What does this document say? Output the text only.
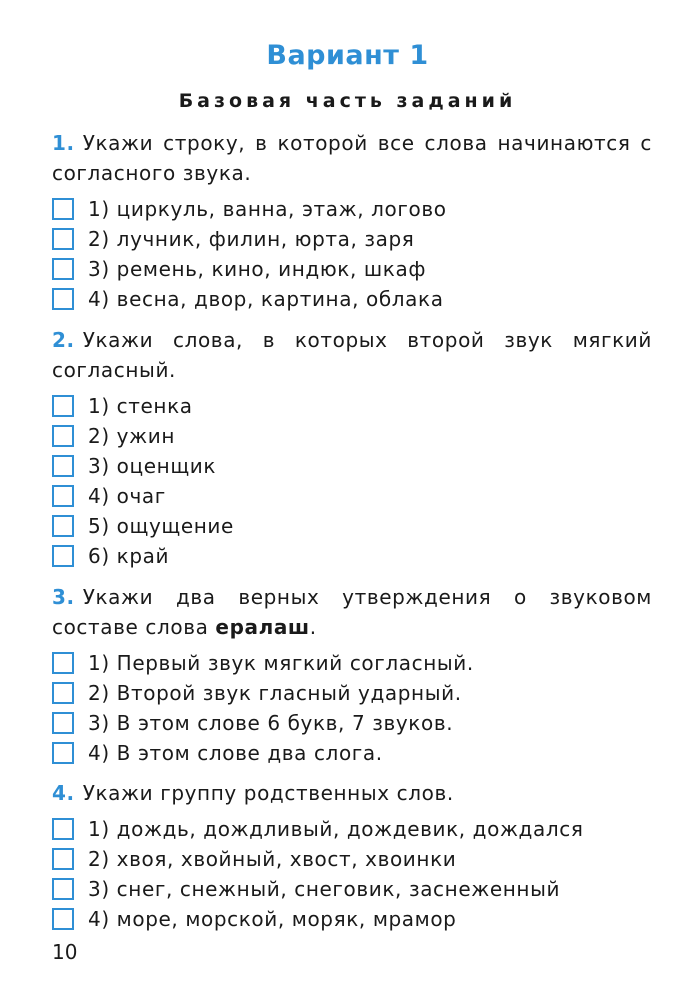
Вариант 1
Базовая часть заданий
1. Укажи строку, в которой все слова начинаются с согласного звука.
1) циркуль, ванна, этаж, логово
2) лучник, филин, юрта, заря
3) ремень, кино, индюк, шкаф
4) весна, двор, картина, облака
2. Укажи слова, в которых второй звук мягкий согласный.
1) стенка
2) ужин
3) оценщик
4) очаг
5) ощущение
6) край
3. Укажи два верных утверждения о звуковом составе слова ералаш.
1) Первый звук мягкий согласный.
2) Второй звук гласный ударный.
3) В этом слове 6 букв, 7 звуков.
4) В этом слове два слога.
4. Укажи группу родственных слов.
1) дождь, дождливый, дождевик, дождался
2) хвоя, хвойный, хвост, хвоинки
3) снег, снежный, снеговик, заснеженный
4) море, морской, моряк, мрамор
10
